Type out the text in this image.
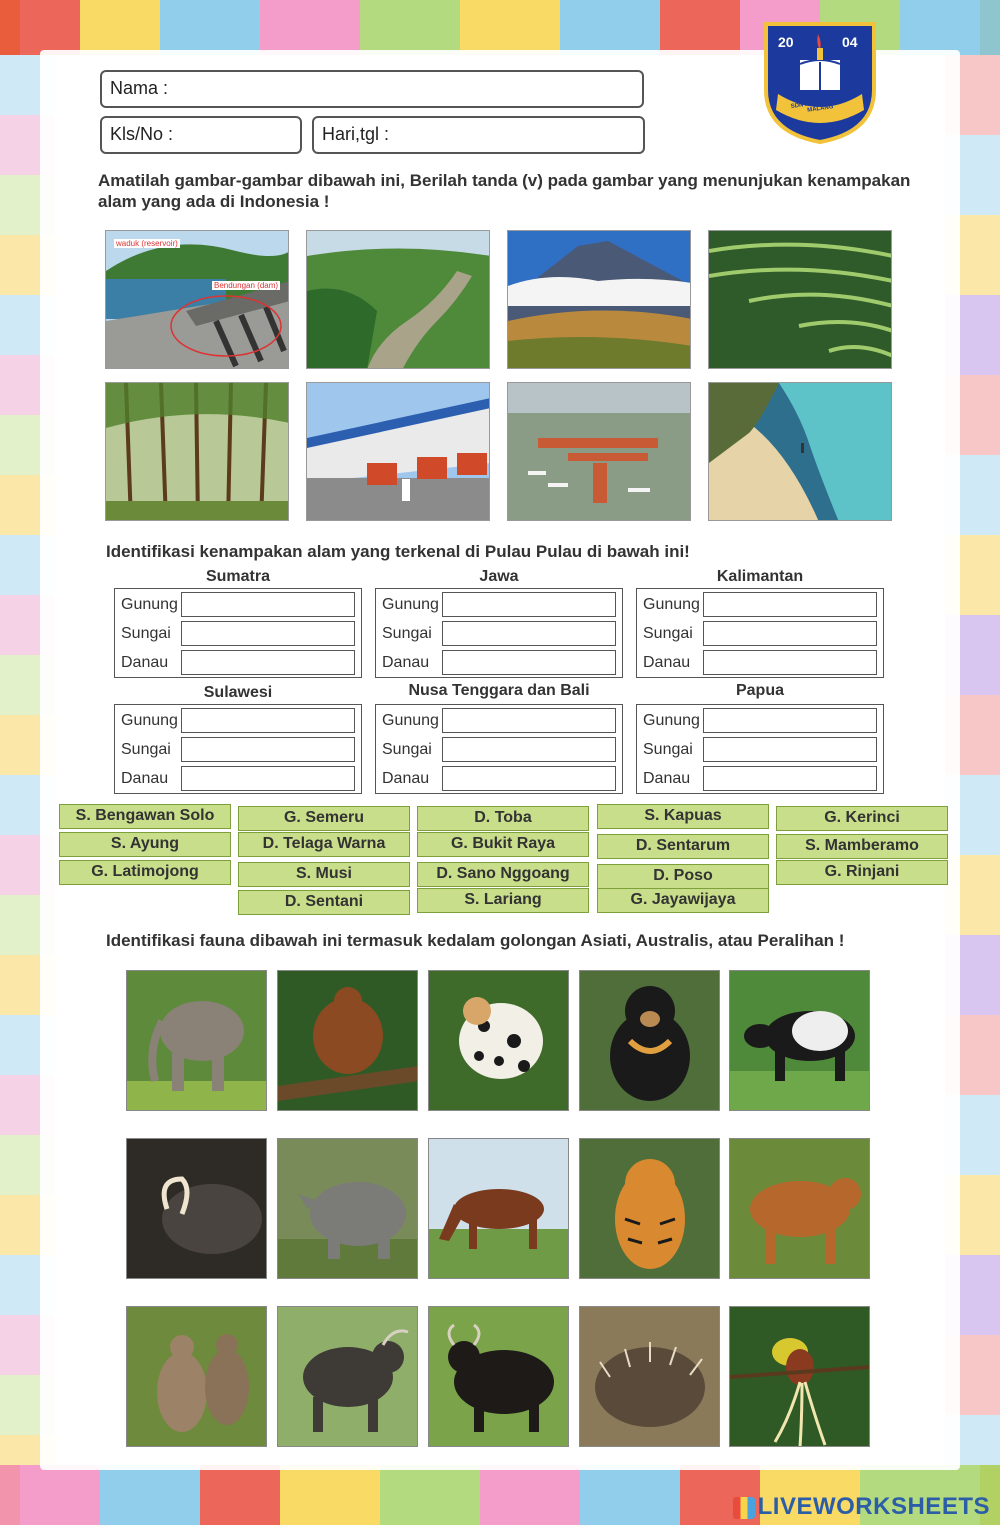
Nama :
Kls/No :	Hari,tgl :
20	04
SDN PERCOBAAN 2 MALANG
Amatilah gambar-gambar dibawah ini, Berilah tanda (v) pada gambar yang menunjukan kenampakan alam yang ada di Indonesia !
waduk (reservoir)
Bendungan (dam)
Identifikasi kenampakan alam yang terkenal di Pulau Pulau di bawah ini!
Sumatra
Gunung
Sungai
Danau
Jawa
Gunung
Sungai
Danau
Kalimantan
Gunung
Sungai
Danau
Sulawesi
Gunung
Sungai
Danau
Nusa Tenggara dan Bali
Gunung
Sungai
Danau
Papua
Gunung
Sungai
Danau
S. Bengawan Solo	G. Semeru	D. Toba	S. Kapuas	G. Kerinci
S. Ayung	D. Telaga Warna	G. Bukit Raya	D. Sentarum	S. Mamberamo
G. Latimojong	S. Musi	D. Sano Nggoang	D. Poso	G. Rinjani
D. Sentani	S. Lariang	G. Jayawijaya
Identifikasi fauna dibawah ini termasuk kedalam golongan Asiati, Australis, atau Peralihan !
LIVEWORKSHEETS
